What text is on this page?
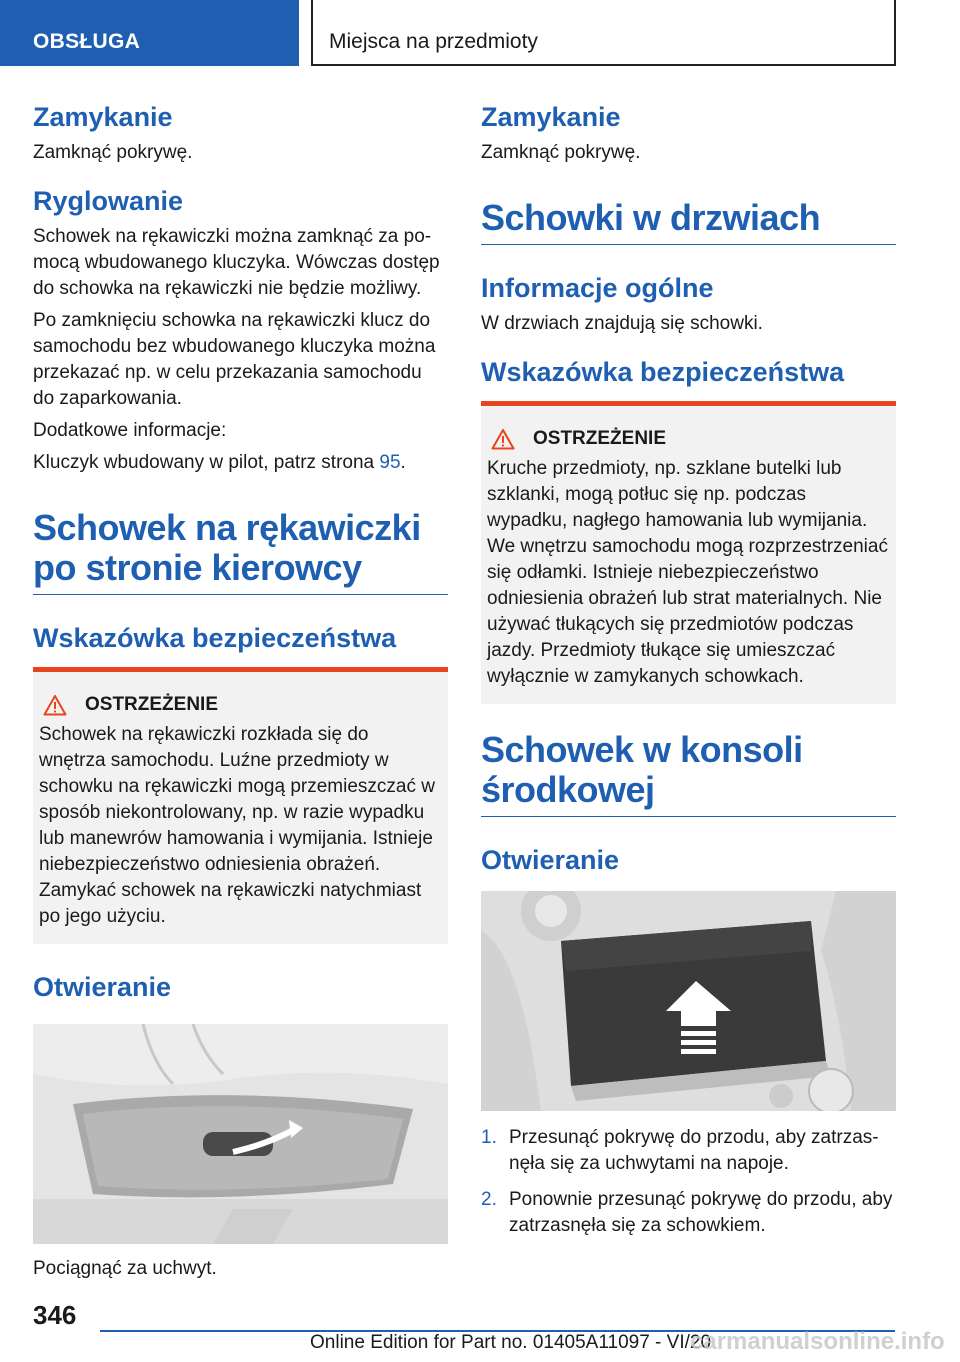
OBSŁUGA	Miejsca na przedmioty
Zamykanie

Zamknąć pokrywę.

Ryglowanie

Schowek na rękawiczki można zamknąć za pomocą wbudowanego kluczyka. Wówczas dostęp do schowka na rękawiczki nie będzie możliwy.

Po zamknięciu schowka na rękawiczki klucz do samochodu bez wbudowanego kluczyka można przekazać np. w celu przekazania samochodu do zaparkowania.

Dodatkowe informacje:

Kluczyk wbudowany w pilot, patrz strona 95.

Schowek na rękawiczki po stronie kierowcy
Wskazówka bezpieczeństwa
OSTRZEŻENIE

Schowek na rękawiczki rozkłada się do wnętrza samochodu. Luźne przedmioty w schowku na rękawiczki mogą przemieszczać w sposób niekontrolowany, np. w razie wypadku lub manewrów hamowania i wymijania. Istnieje niebezpieczeństwo odniesienia obrażeń. Zamykać schowek na rękawiczki natychmiast po jego użyciu.

Otwieranie

Pociągnąć za uchwyt.

Zamykanie

Zamknąć pokrywę.

Schowki w drzwiach
Informacje ogólne

W drzwiach znajdują się schowki.

Wskazówka bezpieczeństwa
OSTRZEŻENIE

Kruche przedmioty, np. szklane butelki lub szklanki, mogą potłuc się np. podczas wypadku, nagłego hamowania lub wymijania. We wnętrzu samochodu mogą rozprzestrzeniać się odłamki. Istnieje niebezpieczeństwo odniesienia obrażeń lub strat materialnych. Nie używać tłukących się przedmiotów podczas jazdy. Przedmioty tłukące się umieszczać wyłącznie w zamykanych schowkach.

Schowek w konsoli środkowej
Otwieranie
1. Przesunąć pokrywę do przodu, aby zatrzasnęła się za uchwytami na napoje.
2. Ponownie przesunąć pokrywę do przodu, aby zatrzasnęła się za schowkiem.
346
Online Edition for Part no. 01405A11097 - VI/20
carmanualsonline.info
